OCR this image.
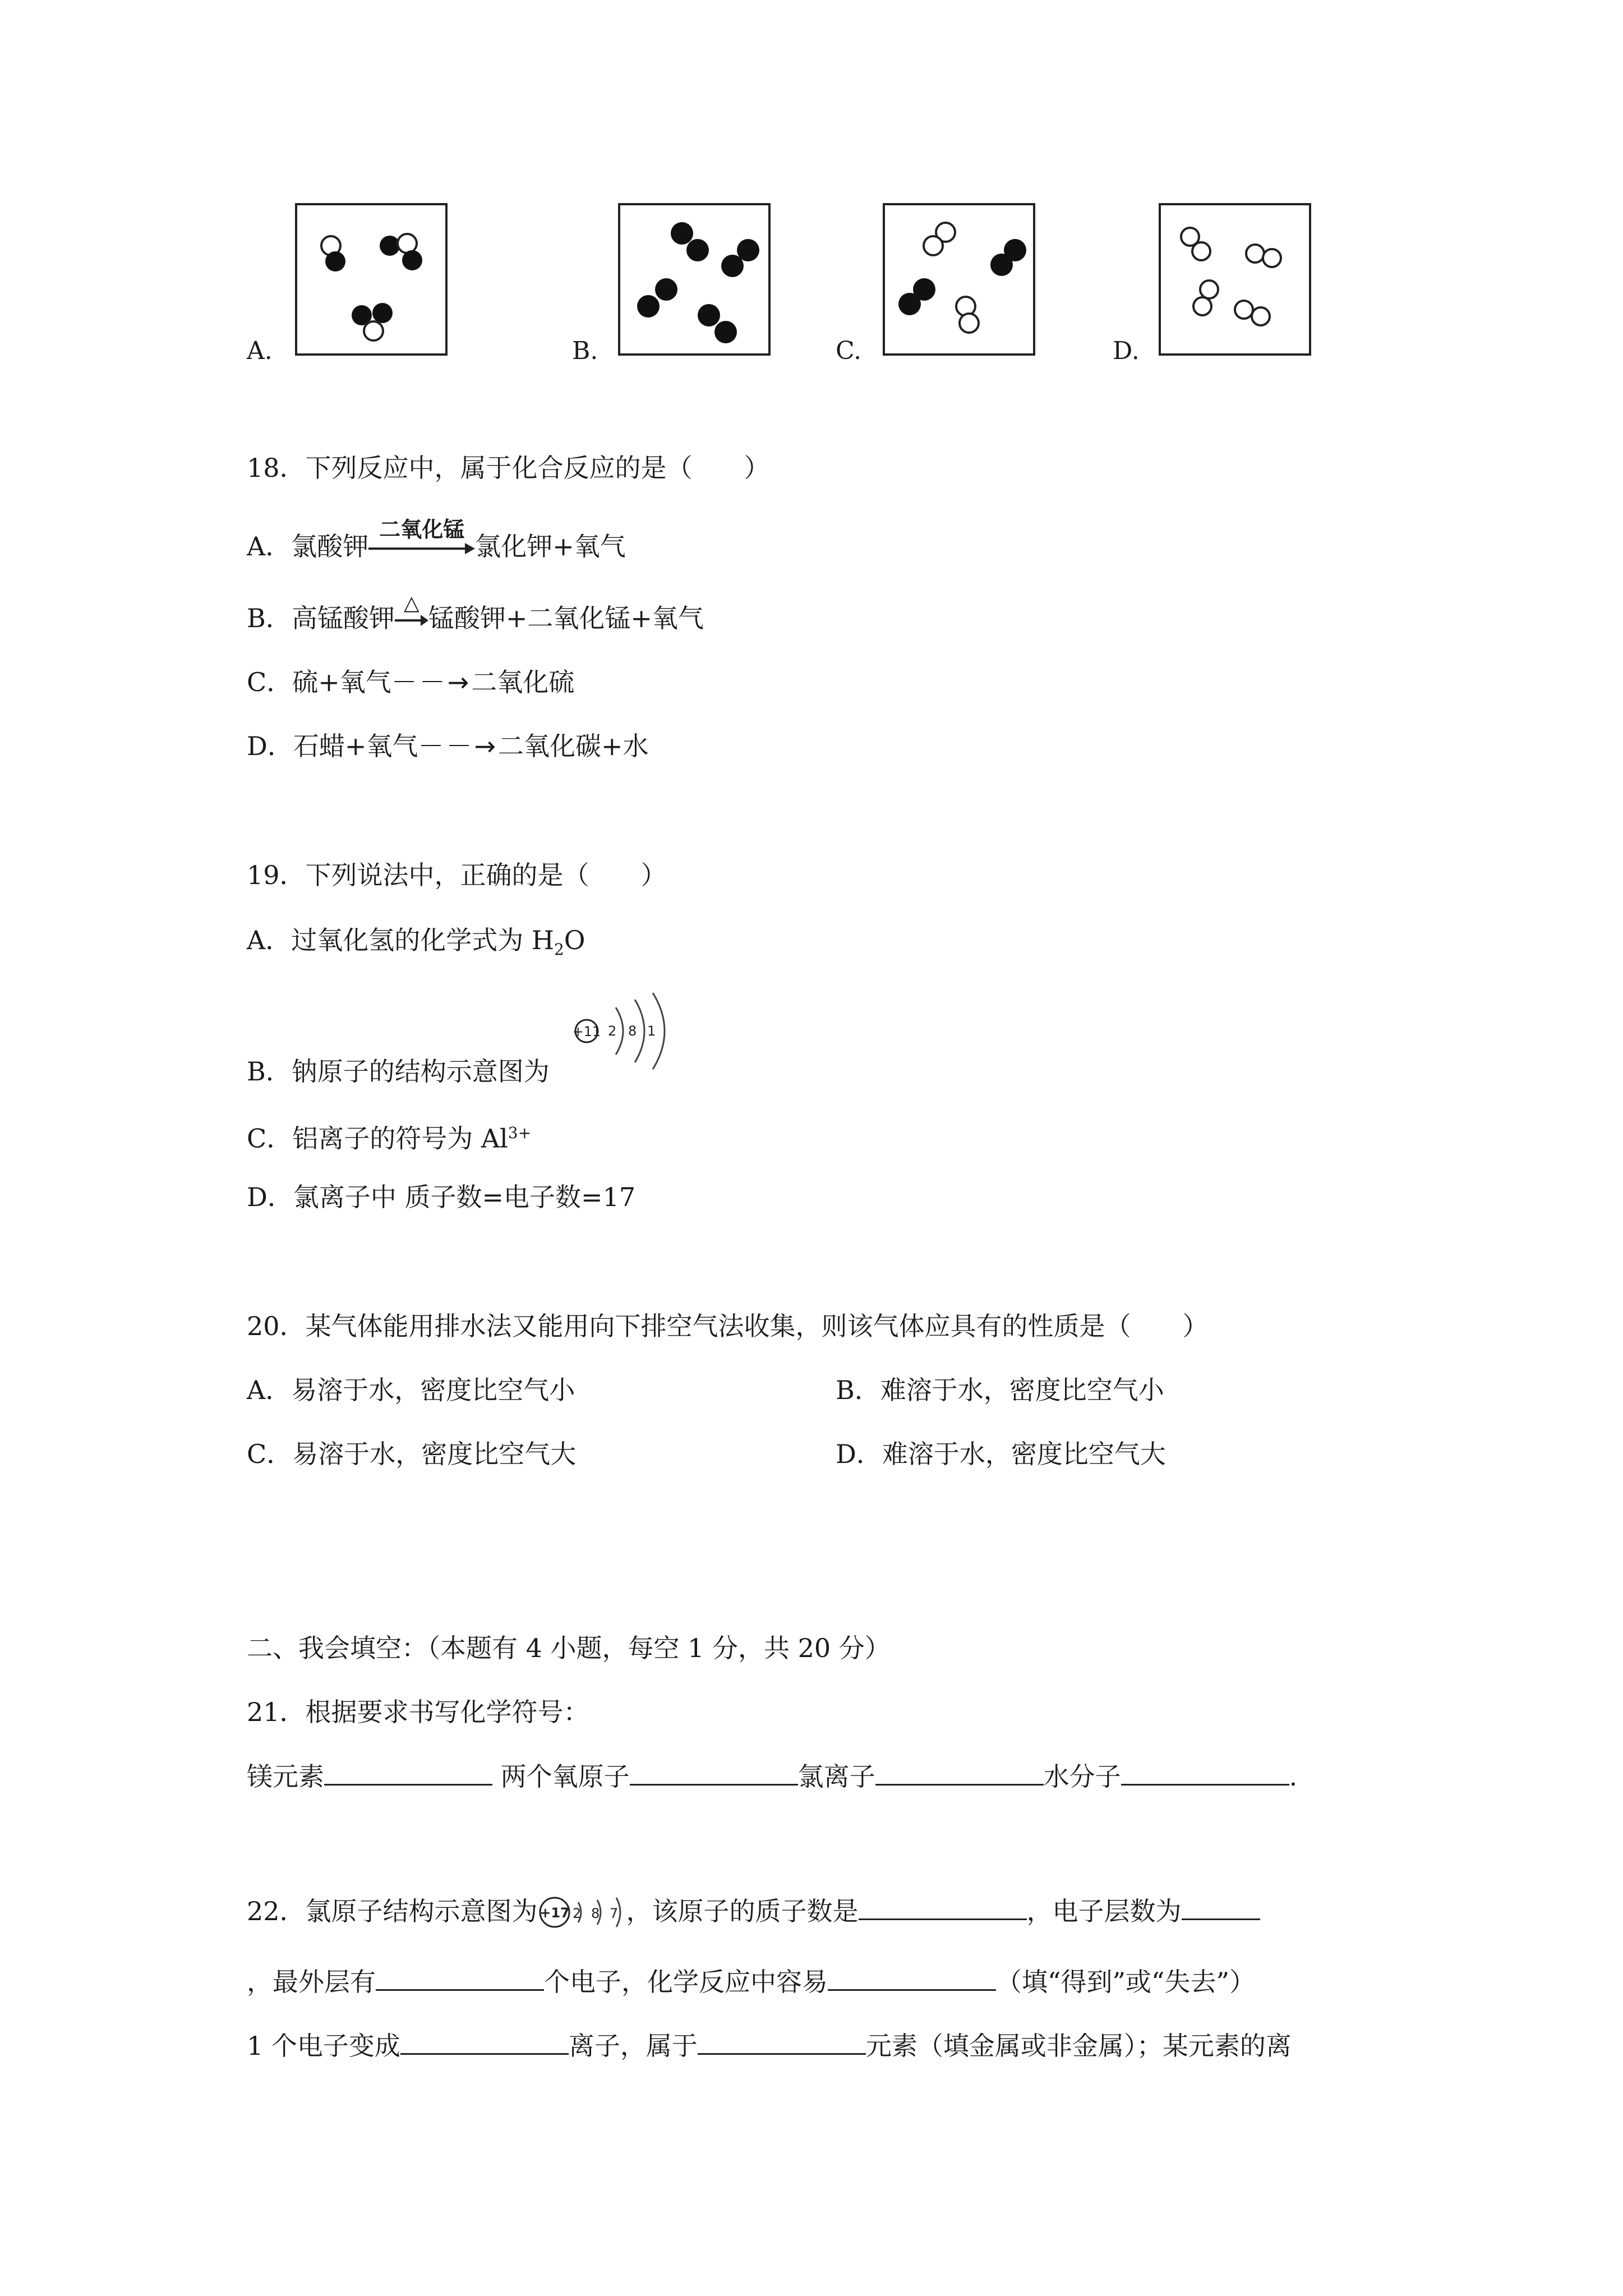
A.	B.	C.	D.
18．下列反应中，属于化合反应的是（　　）
A．氯酸钾
二氧化锰
氯化钾+氧气
B．高锰酸钾 △ 锰酸钾+二氧化锰+氧气
C．硫+氧气－－→二氧化硫
D．石蜡+氧气－－→二氧化碳+水
19．下列说法中，正确的是（　　）
A．过氧化氢的化学式为 $H_2O$
B．钠原子的结构示意图为
+11 2 8 1
C．铝离子的符号为 $Al^{3+}$
D．氯离子中 质子数=电子数=17
20．某气体能用排水法又能用向下排空气法收集，则该气体应具有的性质是（　　）
A．易溶于水，密度比空气小	B．难溶于水，密度比空气小
C．易溶于水，密度比空气大	D．难溶于水，密度比空气大
二、我会填空：（本题有 4 小题，每空 1 分，共 20 分）
21．根据要求书写化学符号：
镁元素	两个氧原子	氯离子	水分子	.
22．氯原子结构示意图为 +17 2 8 7 ，该原子的质子数是	，电子层数为
，最外层有	个电子，化学反应中容易	（填“得到”或“失去”）
1 个电子变成	离子，属于	元素（填金属或非金属）；某元素的离
